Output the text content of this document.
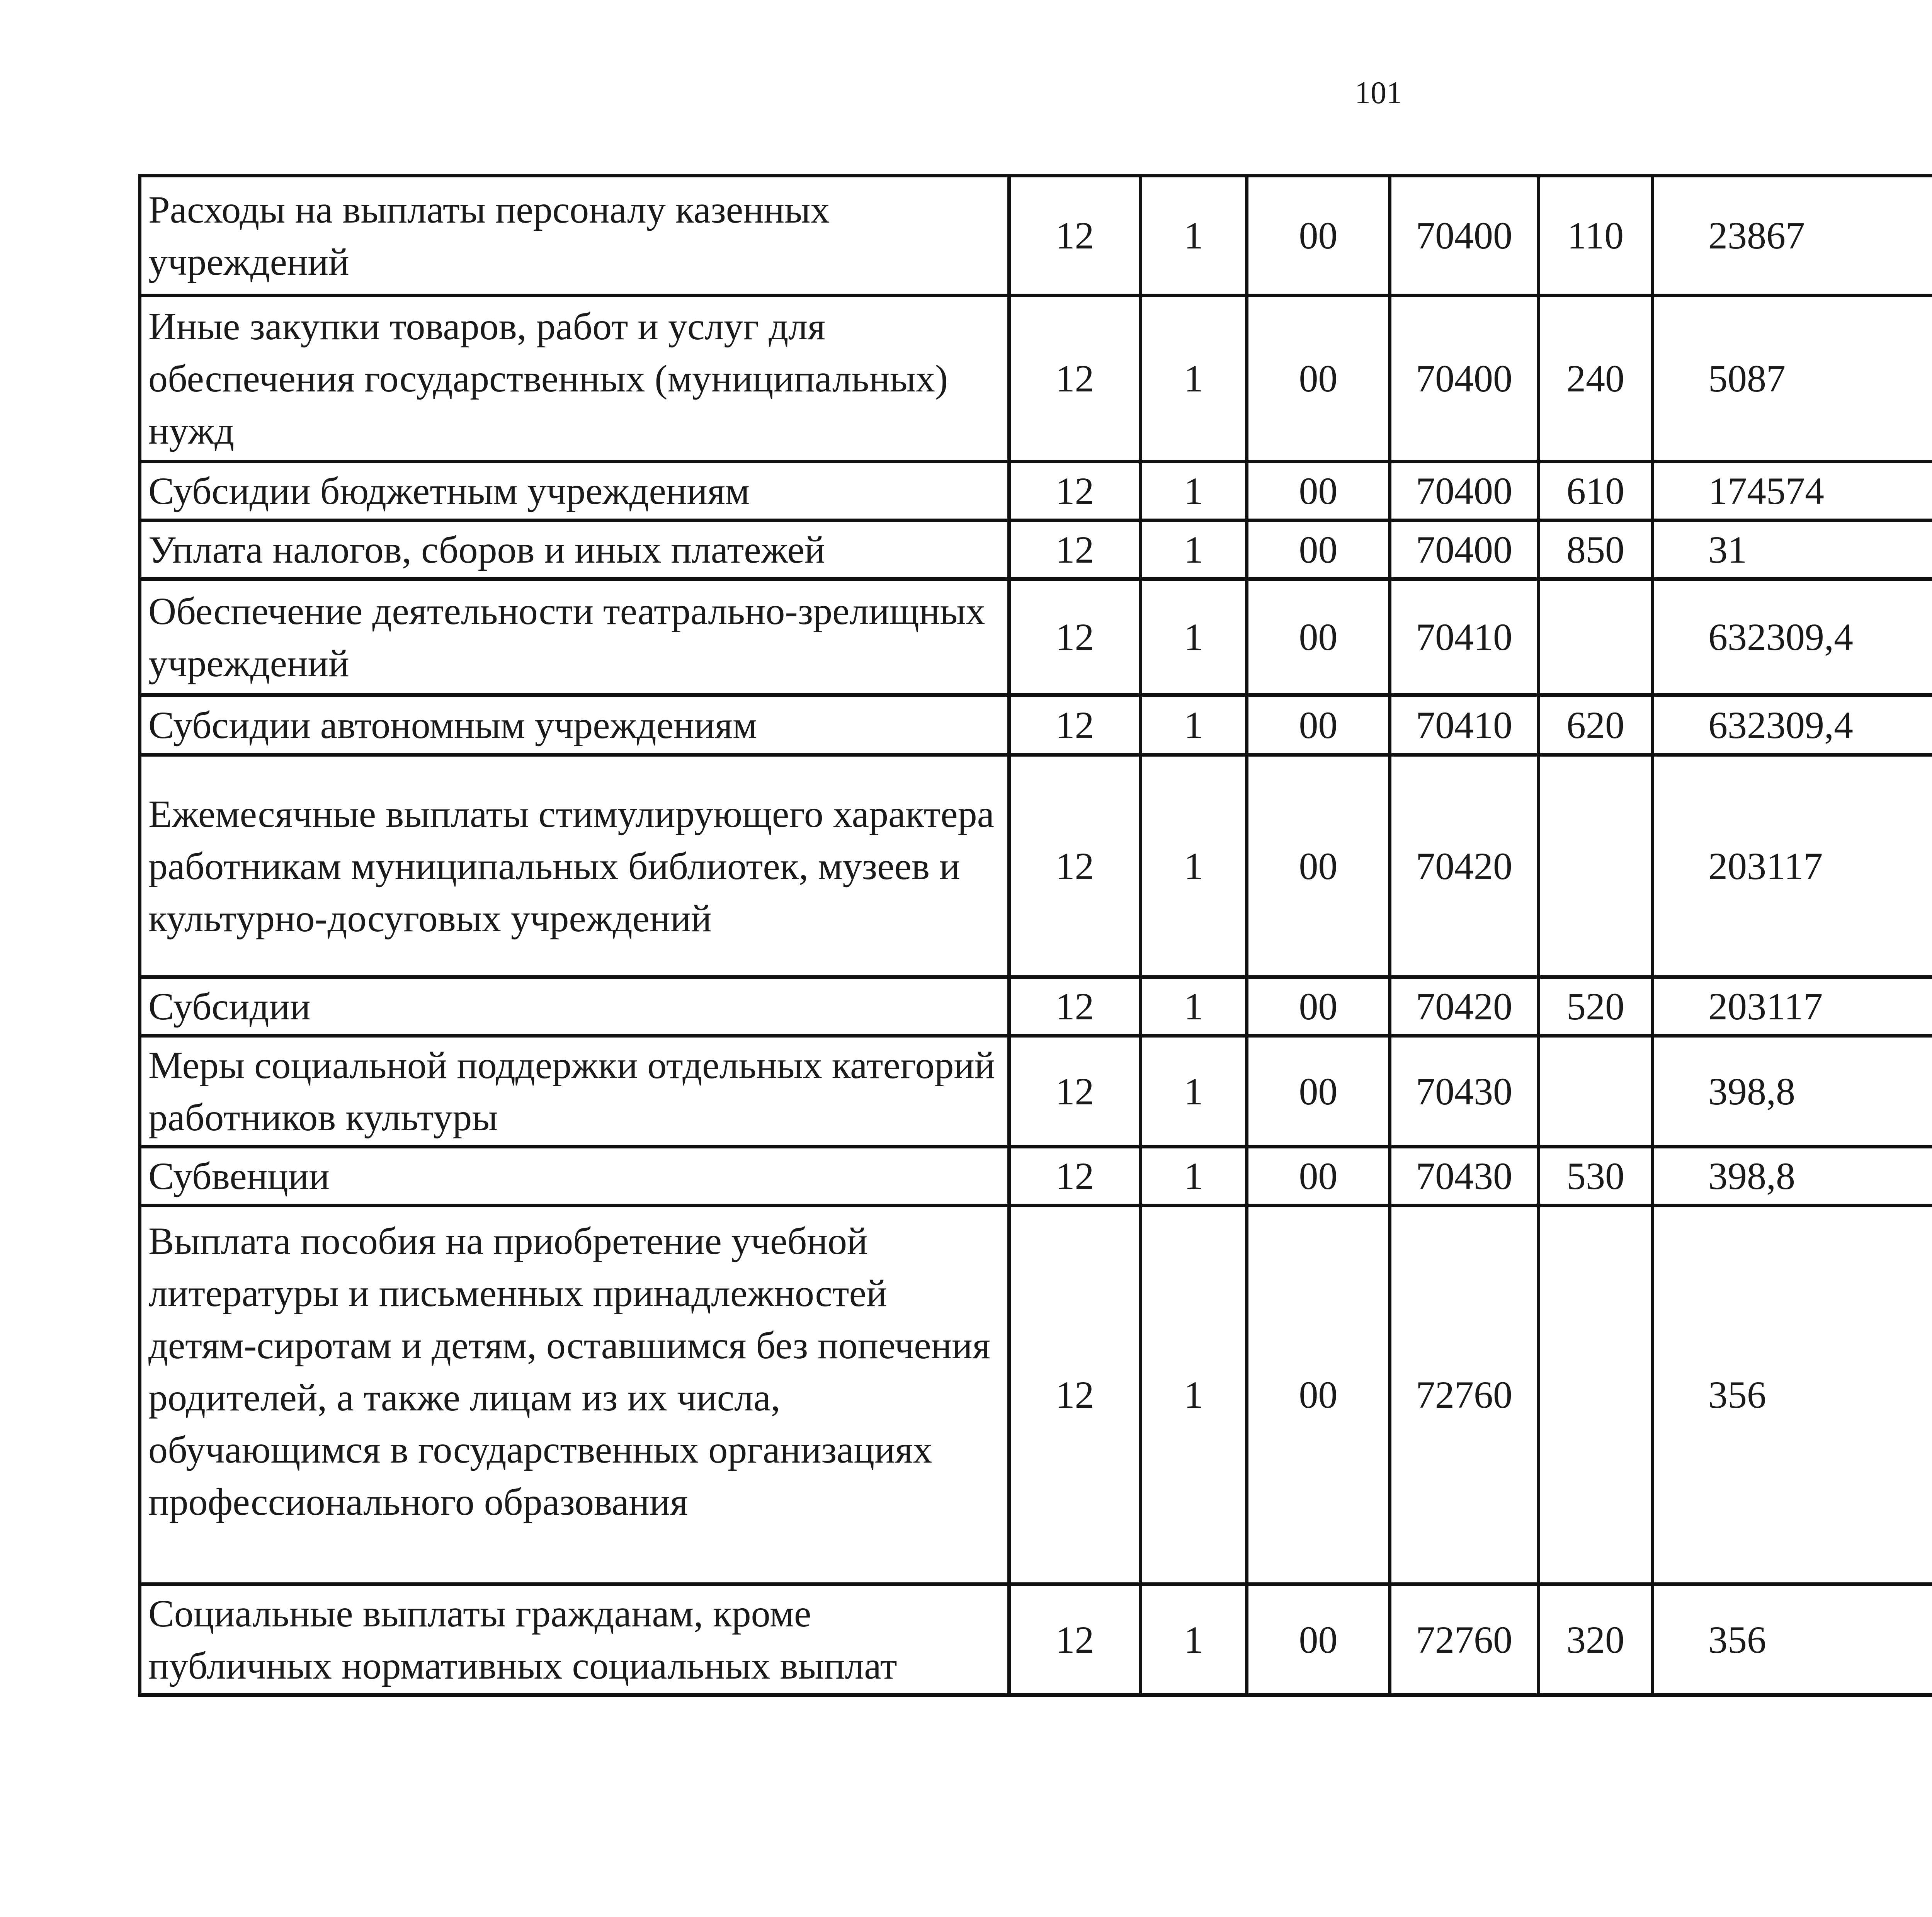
101
Расходы на выплаты персоналу казенных учреждений	12	1	00	70400	110	23867		
Иные закупки товаров, работ и услуг для обеспечения государственных (муниципальных) нужд	12	1	00	70400	240	5087		
Субсидии бюджетным учреждениям	12	1	00	70400	610	174574		
Уплата налогов, сборов и иных платежей	12	1	00	70400	850	31		
Обеспечение деятельности театрально-зрелищных учреждений	12	1	00	70410		632309,4		
Субсидии автономным учреждениям	12	1	00	70410	620	632309,4		
Ежемесячные выплаты стимулирующего характера работникам муниципальных библиотек, музеев и культурно-досуговых учреждений	12	1	00	70420		203117		
Субсидии	12	1	00	70420	520	203117		
Меры социальной поддержки отдельных категорий работников культуры	12	1	00	70430		398,8		
Субвенции	12	1	00	70430	530	398,8		
Выплата пособия на приобретение учебной литературы и письменных принадлежностей детям-сиротам и детям, оставшимся без попечения родителей, а также лицам из их числа, обучающимся в государственных организациях профессионального образования	12	1	00	72760		356		
Социальные выплаты гражданам, кроме публичных нормативных социальных выплат	12	1	00	72760	320	356		
